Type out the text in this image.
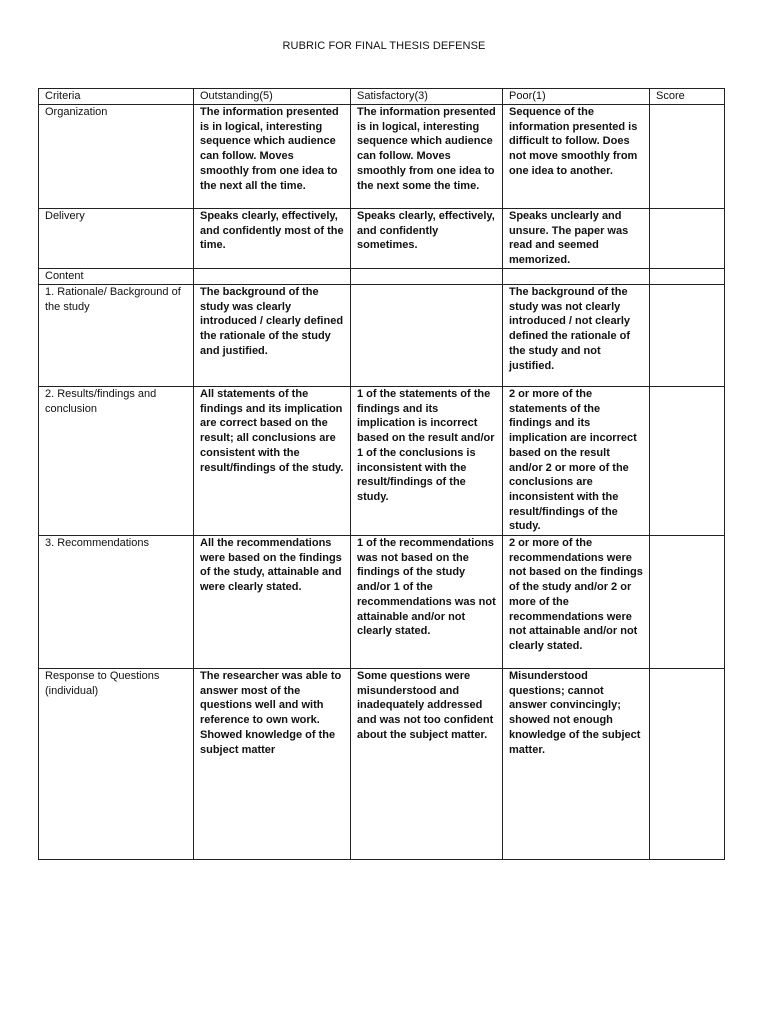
RUBRIC FOR FINAL THESIS DEFENSE
Criteria	Outstanding(5)	Satisfactory(3)	Poor(1)	Score
Organization	The information presented is in logical, interesting sequence which audience can follow. Moves smoothly from one idea to the next all the time.	The information presented is in logical, interesting sequence which audience can follow. Moves smoothly from one idea to the next some the time.	Sequence of the information presented is difficult to follow. Does not move smoothly from one idea to another.	
Delivery	Speaks clearly, effectively, and confidently most of the time.	Speaks clearly, effectively, and confidently sometimes.	Speaks unclearly and unsure. The paper was read and seemed memorized.	
Content				
1. Rationale/ Background of the study	The background of the study was clearly introduced / clearly defined the rationale of the study and justified.		The background of the study was not clearly introduced / not clearly defined the rationale of the study and not justified.	
2. Results/findings and conclusion	All statements of the findings and its implication are correct based on the result; all conclusions are consistent with the result/findings of the study.	1 of the statements of the findings and its implication is incorrect based on the result and/or 1 of the conclusions is inconsistent with the result/findings of the study.	2 or more of the statements of the findings and its implication are incorrect based on the result and/or 2 or more of the conclusions are inconsistent with the result/findings of the study.	
3. Recommendations	All the recommendations were based on the findings of the study, attainable and were clearly stated.	1 of the recommendations was not based on the findings of the study and/or 1 of the recommendations was not attainable and/or not clearly stated.	2 or more of the recommendations were not based on the findings of the study and/or 2 or more of the recommendations were not attainable and/or not clearly stated.	
Response to Questions (individual)	The researcher was able to answer most of the questions well and with reference to own work. Showed knowledge of the subject matter	Some questions were misunderstood and inadequately addressed and was not too confident about the subject matter.	Misunderstood questions; cannot answer convincingly; showed not enough knowledge of the subject matter.	
